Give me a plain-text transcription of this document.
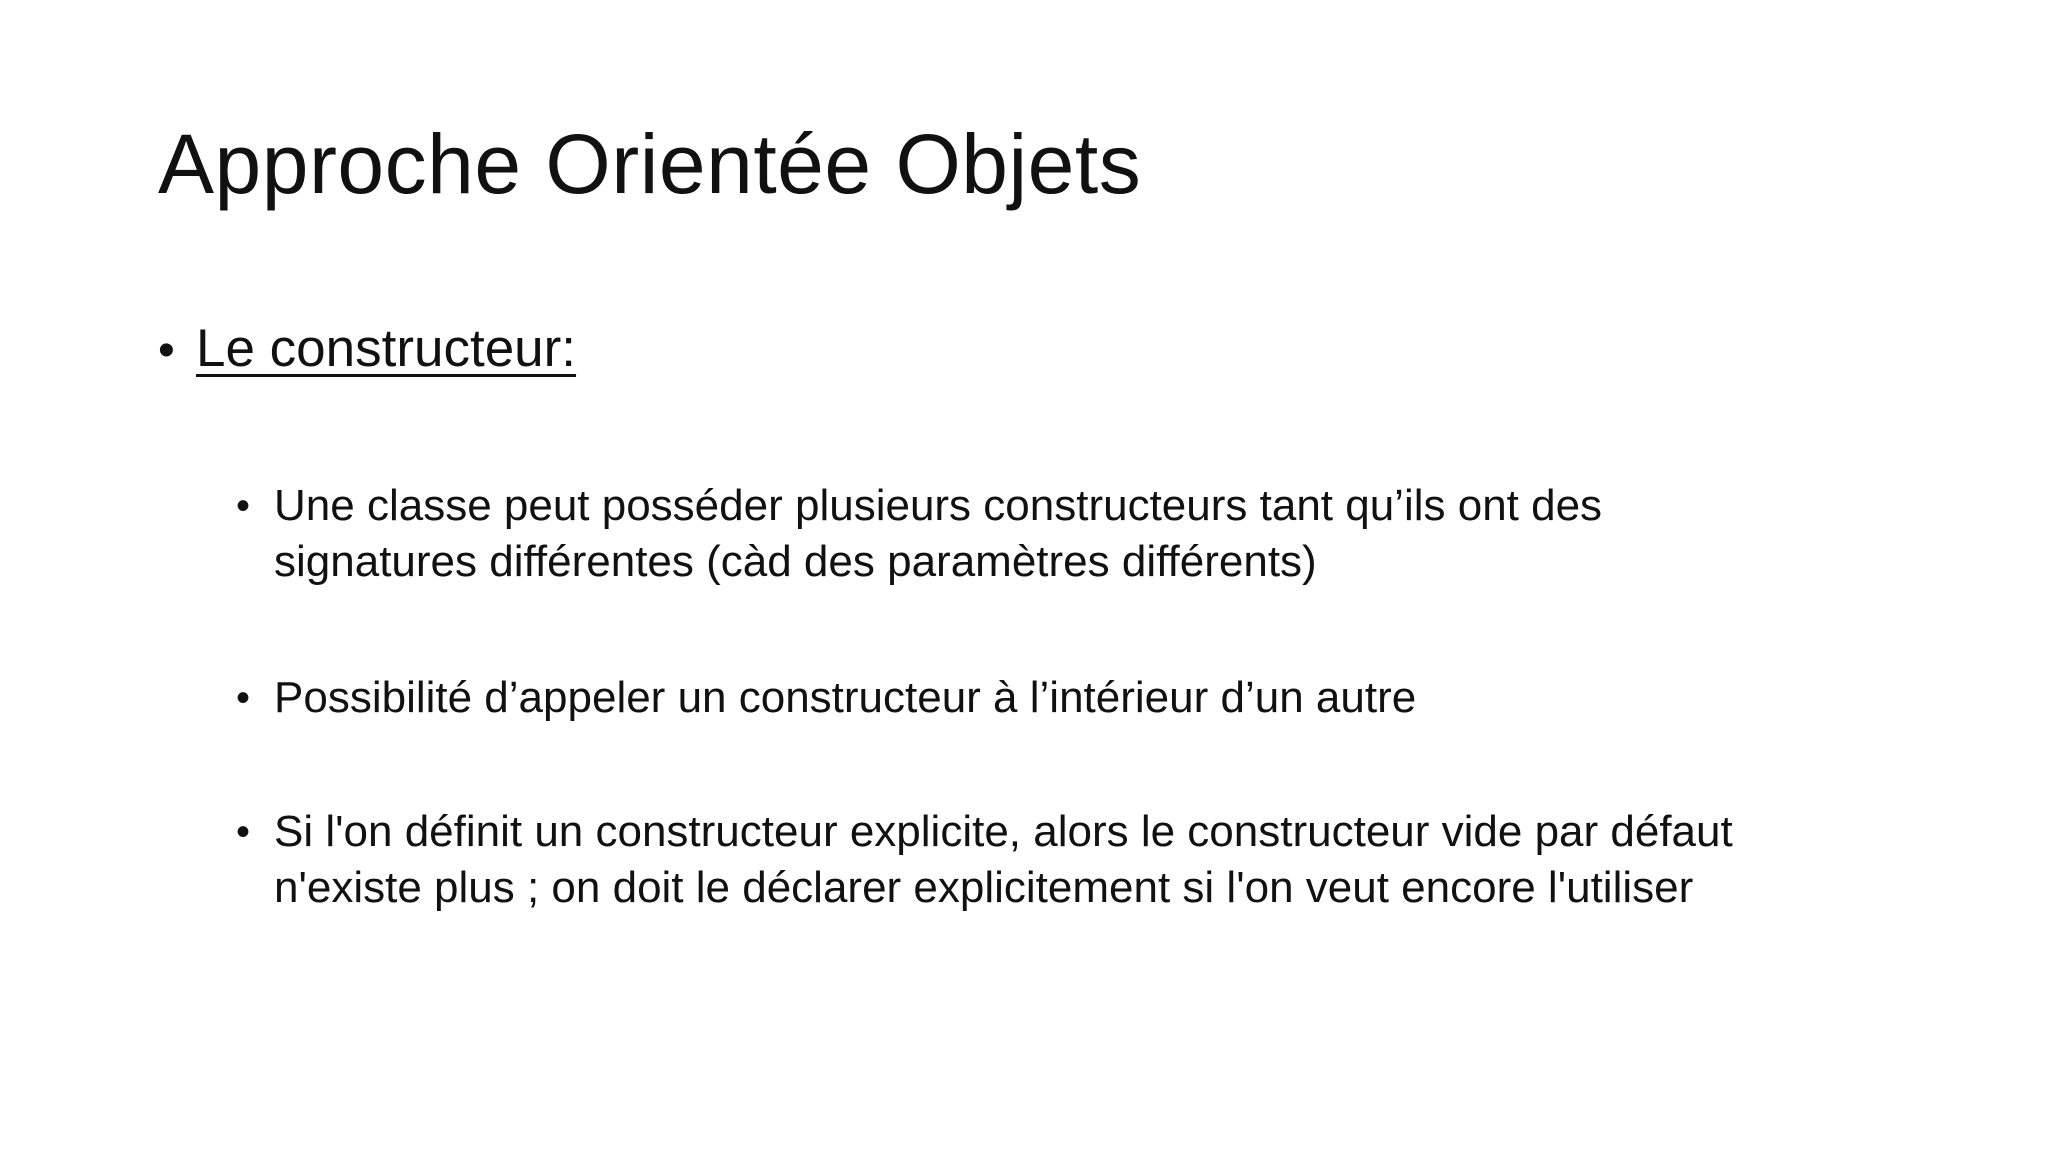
Approche Orientée Objets
• Le constructeur:
• Une classe peut posséder plusieurs constructeurs tant qu’ils ont des
signatures différentes (càd des paramètres différents)
• Possibilité d’appeler un constructeur à l’intérieur d’un autre
• Si l'on définit un constructeur explicite, alors le constructeur vide par défaut
n'existe plus ; on doit le déclarer explicitement si l'on veut encore l'utiliser
